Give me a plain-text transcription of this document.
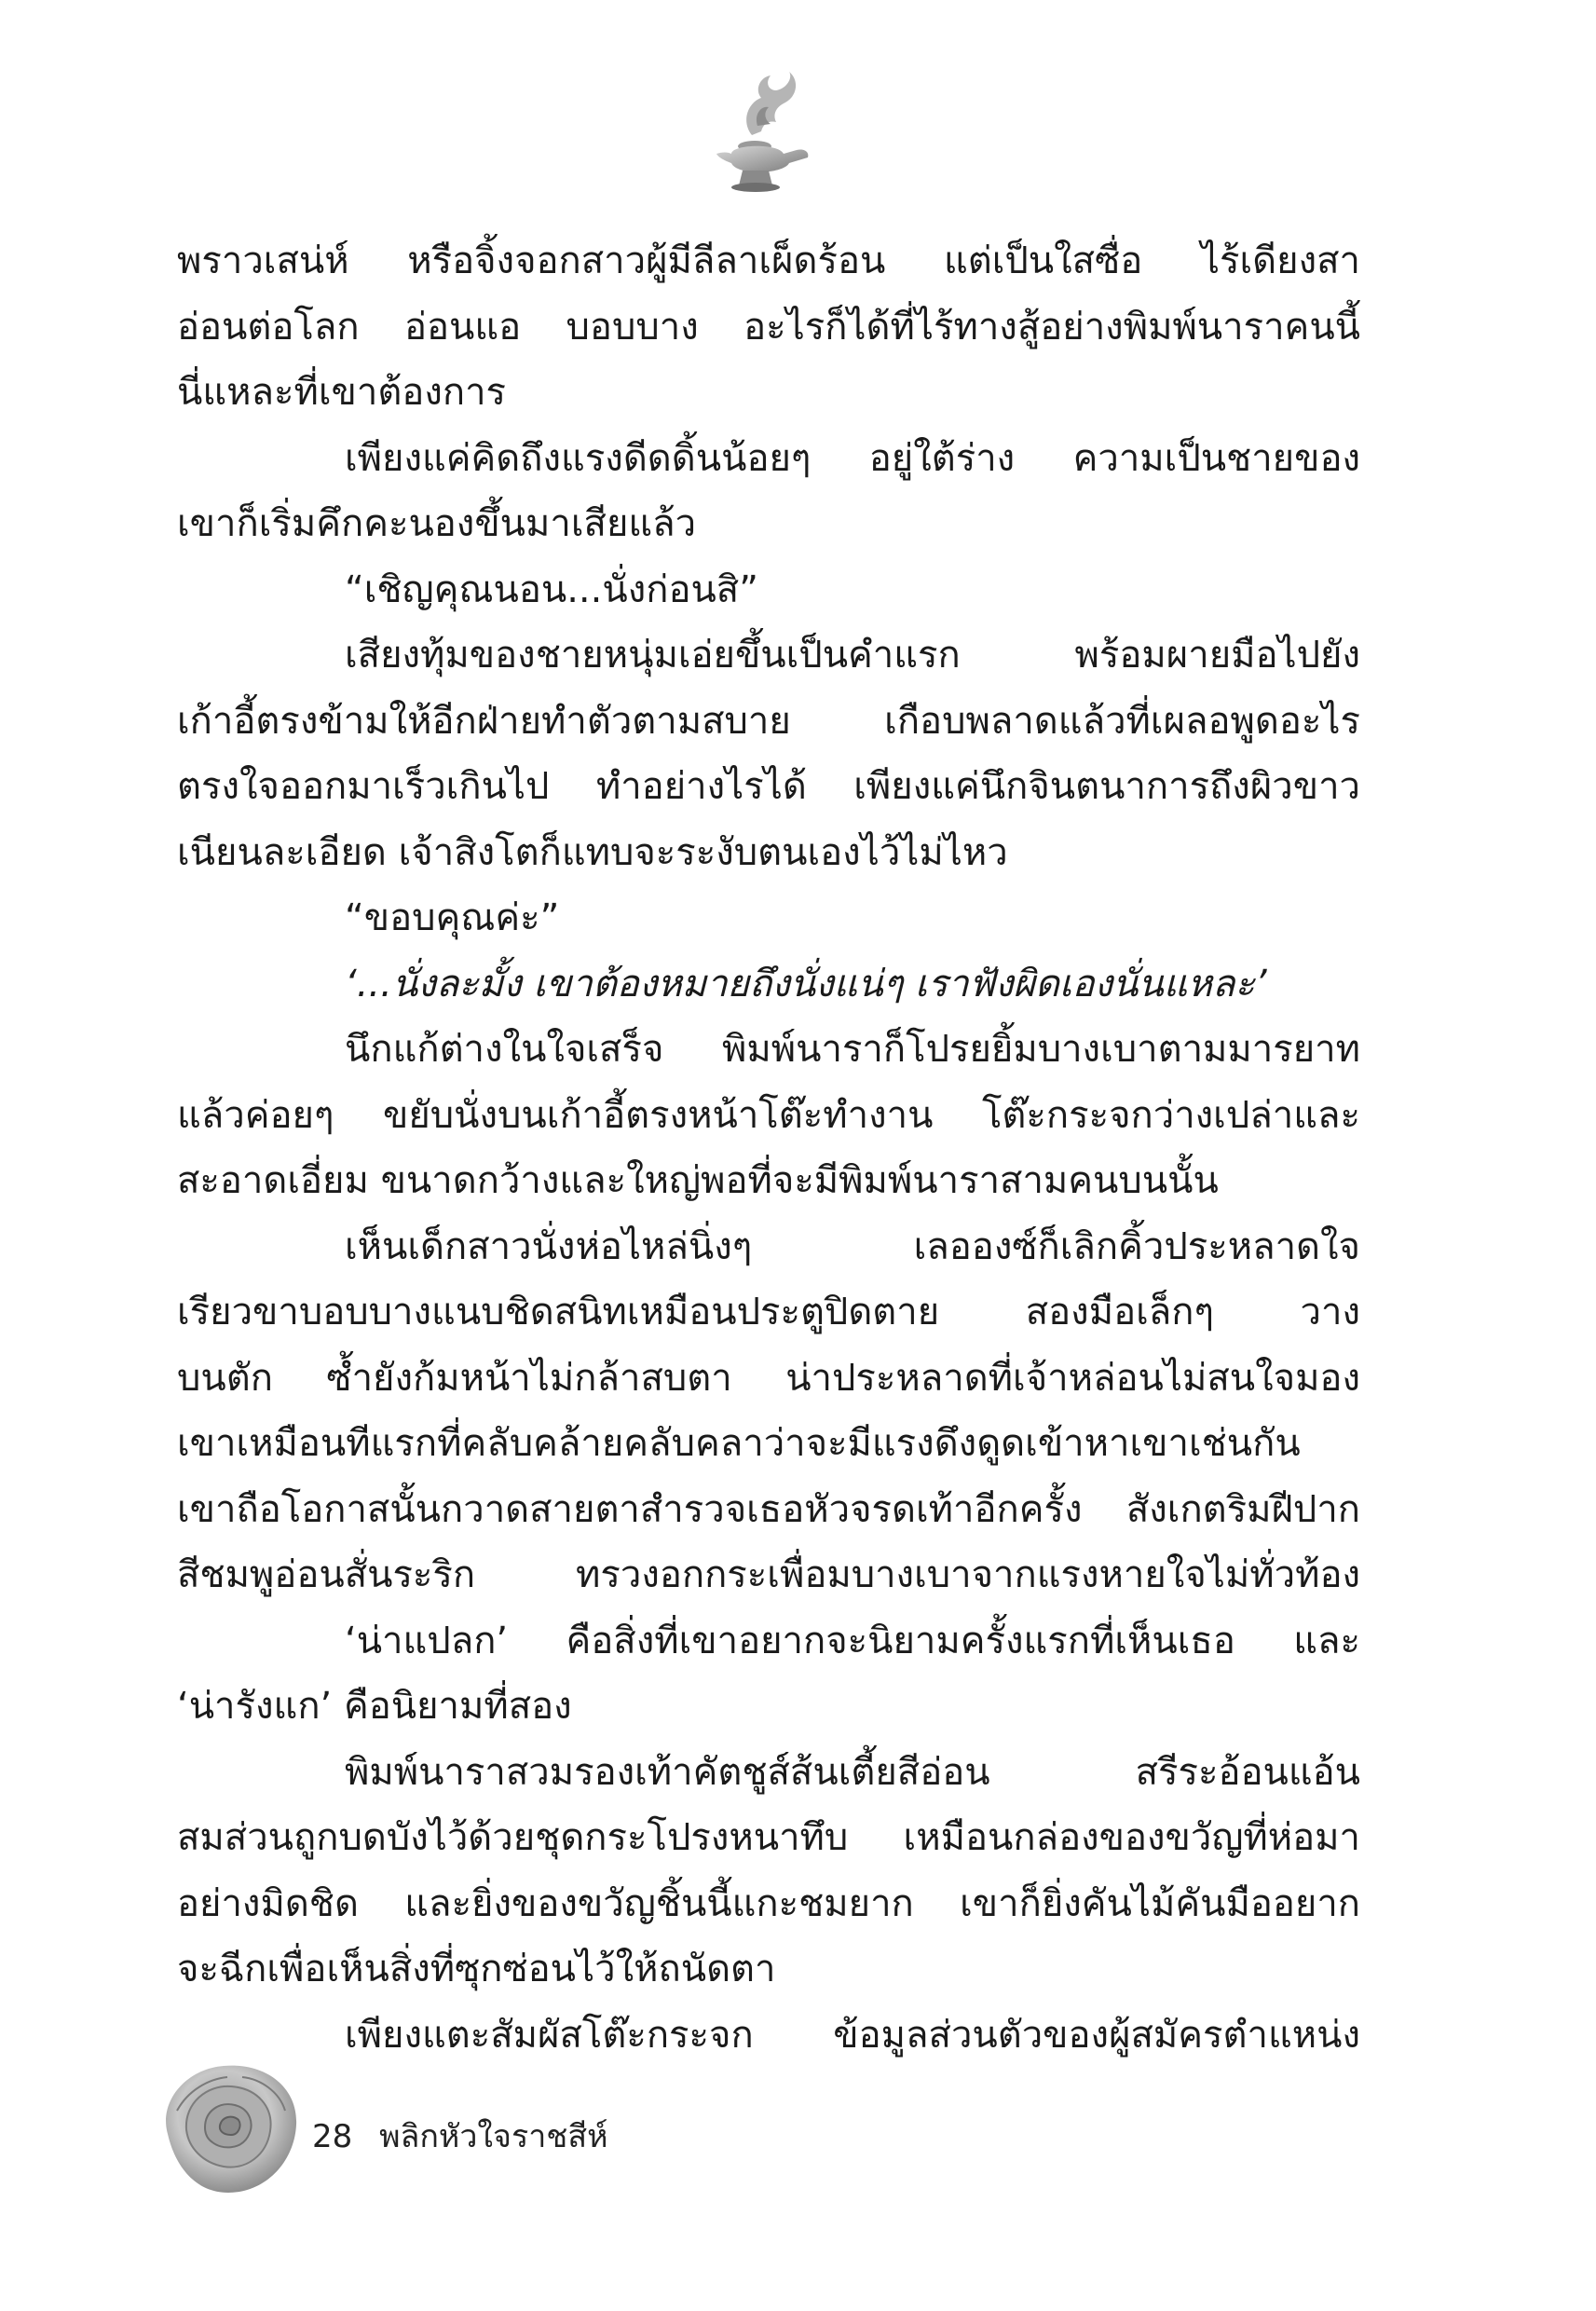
พราวเสน่ห์ หรือจิ้งจอกสาวผู้มีลีลาเผ็ดร้อน แต่เป็นใสซื่อ ไร้เดียงสา
อ่อนต่อโลก อ่อนแอ บอบบาง อะไรก็ได้ที่ไร้ทางสู้อย่างพิมพ์นาราคนนี้
นี่แหละที่เขาต้องการ
เพียงแค่คิดถึงแรงดีดดิ้นน้อยๆ อยู่ใต้ร่าง ความเป็นชายของ
เขาก็เริ่มคึกคะนองขึ้นมาเสียแล้ว
“เชิญคุณนอน...นั่งก่อนสิ”
เสียงทุ้มของชายหนุ่มเอ่ยขึ้นเป็นคำแรก พร้อมผายมือไปยัง
เก้าอี้ตรงข้ามให้อีกฝ่ายทำตัวตามสบาย เกือบพลาดแล้วที่เผลอพูดอะไร
ตรงใจออกมาเร็วเกินไป ทำอย่างไรได้ เพียงแค่นึกจินตนาการถึงผิวขาว
เนียนละเอียด เจ้าสิงโตก็แทบจะระงับตนเองไว้ไม่ไหว
“ขอบคุณค่ะ”
‘...นั่งละมั้ง เขาต้องหมายถึงนั่งแน่ๆ เราฟังผิดเองนั่นแหละ’
นึกแก้ต่างในใจเสร็จ พิมพ์นาราก็โปรยยิ้มบางเบาตามมารยาท
แล้วค่อยๆ ขยับนั่งบนเก้าอี้ตรงหน้าโต๊ะทำงาน โต๊ะกระจกว่างเปล่าและ
สะอาดเอี่ยม ขนาดกว้างและใหญ่พอที่จะมีพิมพ์นาราสามคนบนนั้น
เห็นเด็กสาวนั่งห่อไหล่นิ่งๆ เลอองซ์ก็เลิกคิ้วประหลาดใจ
เรียวขาบอบบางแนบชิดสนิทเหมือนประตูปิดตาย สองมือเล็กๆ วาง
บนตัก ซ้ำยังก้มหน้าไม่กล้าสบตา น่าประหลาดที่เจ้าหล่อนไม่สนใจมอง
เขาเหมือนทีแรกที่คลับคล้ายคลับคลาว่าจะมีแรงดึงดูดเข้าหาเขาเช่นกัน
เขาถือโอกาสนั้นกวาดสายตาสำรวจเธอหัวจรดเท้าอีกครั้ง สังเกตริมฝีปาก
สีชมพูอ่อนสั่นระริก ทรวงอกกระเพื่อมบางเบาจากแรงหายใจไม่ทั่วท้อง
‘น่าแปลก’ คือสิ่งที่เขาอยากจะนิยามครั้งแรกที่เห็นเธอ และ
‘น่ารังแก’ คือนิยามที่สอง
พิมพ์นาราสวมรองเท้าคัตชูส์ส้นเตี้ยสีอ่อน สรีระอ้อนแอ้น
สมส่วนถูกบดบังไว้ด้วยชุดกระโปรงหนาทึบ เหมือนกล่องของขวัญที่ห่อมา
อย่างมิดชิด และยิ่งของขวัญชิ้นนี้แกะชมยาก เขาก็ยิ่งคันไม้คันมืออยาก
จะฉีกเพื่อเห็นสิ่งที่ซุกซ่อนไว้ให้ถนัดตา
เพียงแตะสัมผัสโต๊ะกระจก ข้อมูลส่วนตัวของผู้สมัครตำแหน่ง
28 พลิกหัวใจราชสีห์
